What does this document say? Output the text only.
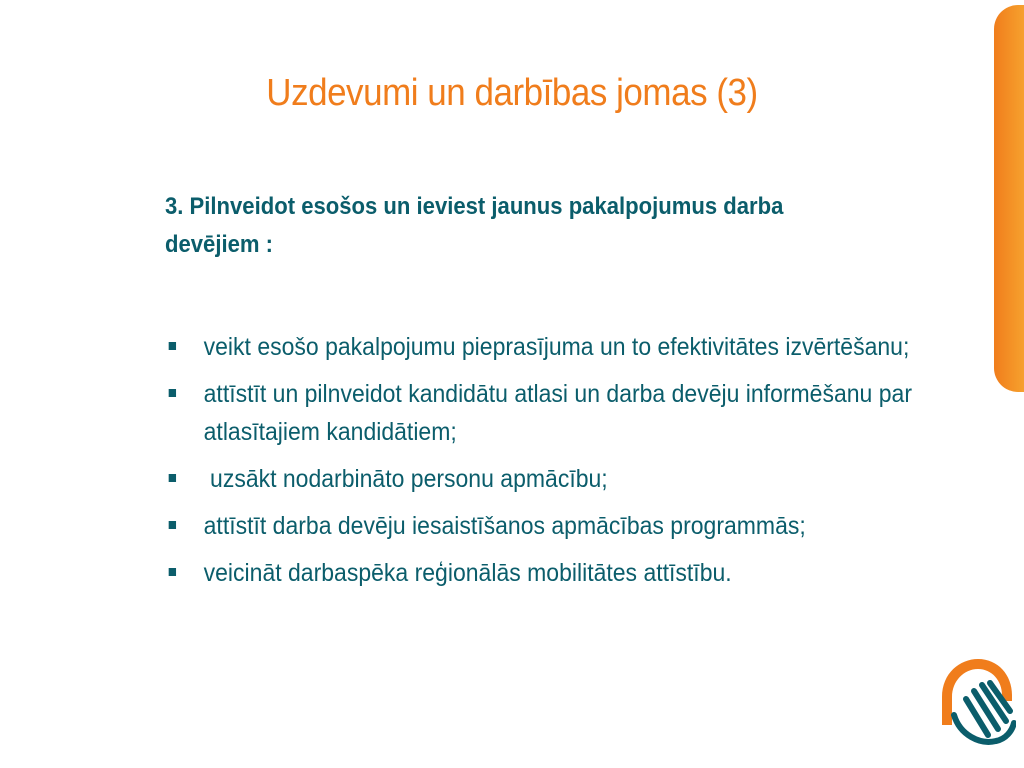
Uzdevumi un darbības jomas (3)
3. Pilnveidot esošos un ieviest jaunus pakalpojumus darba devējiem :
veikt esošo pakalpojumu pieprasījuma un to efektivitātes izvērtēšanu;
attīstīt un pilnveidot kandidātu atlasi un darba devēju informēšanu par atlasītajiem kandidātiem;
uzsākt nodarbināto personu apmācību;
attīstīt darba devēju iesaistīšanos apmācības programmās;
veicināt darbaspēka reģionālās mobilitātes attīstību.
